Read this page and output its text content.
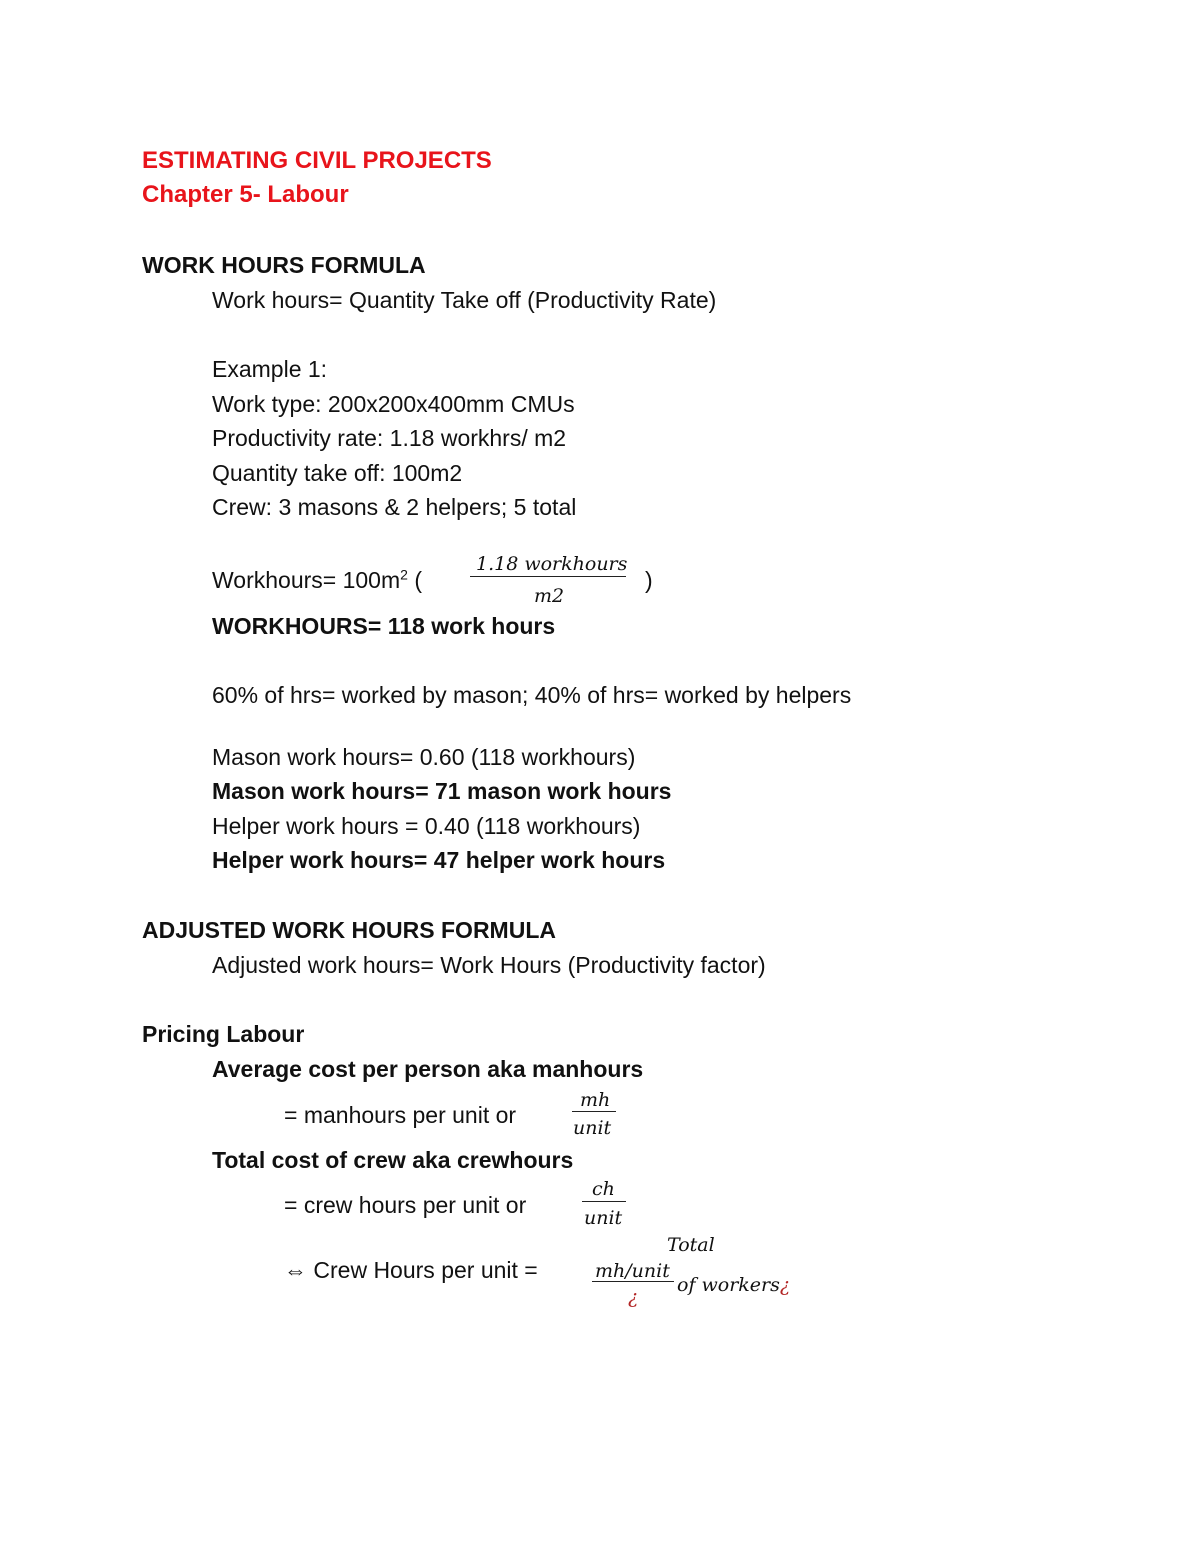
ESTIMATING CIVIL PROJECTS
Chapter 5- Labour
WORK HOURS FORMULA
Work hours= Quantity Take off (Productivity Rate)
Example 1:
Work type: 200x200x400mm CMUs
Productivity rate: 1.18 workhrs/ m2
Quantity take off: 100m2
Crew: 3 masons & 2 helpers; 5 total
Workhours= $100m^2$ (
1.18 workhours
m2
)
WORKHOURS= 118 work hours
60% of hrs= worked by mason; 40% of hrs= worked by helpers
Mason work hours= 0.60 (118 workhours)
Mason work hours= 71 mason work hours
Helper work hours = 0.40 (118 workhours)
Helper work hours= 47 helper work hours
ADJUSTED WORK HOURS FORMULA
Adjusted work hours= Work Hours (Productivity factor)
Pricing Labour
Average cost per person aka manhours
= manhours per unit or
mh
unit
Total cost of crew aka crewhours
= crew hours per unit or
ch
unit
Total
⇔ Crew Hours per unit =	mh/unit
¿
of workers¿
